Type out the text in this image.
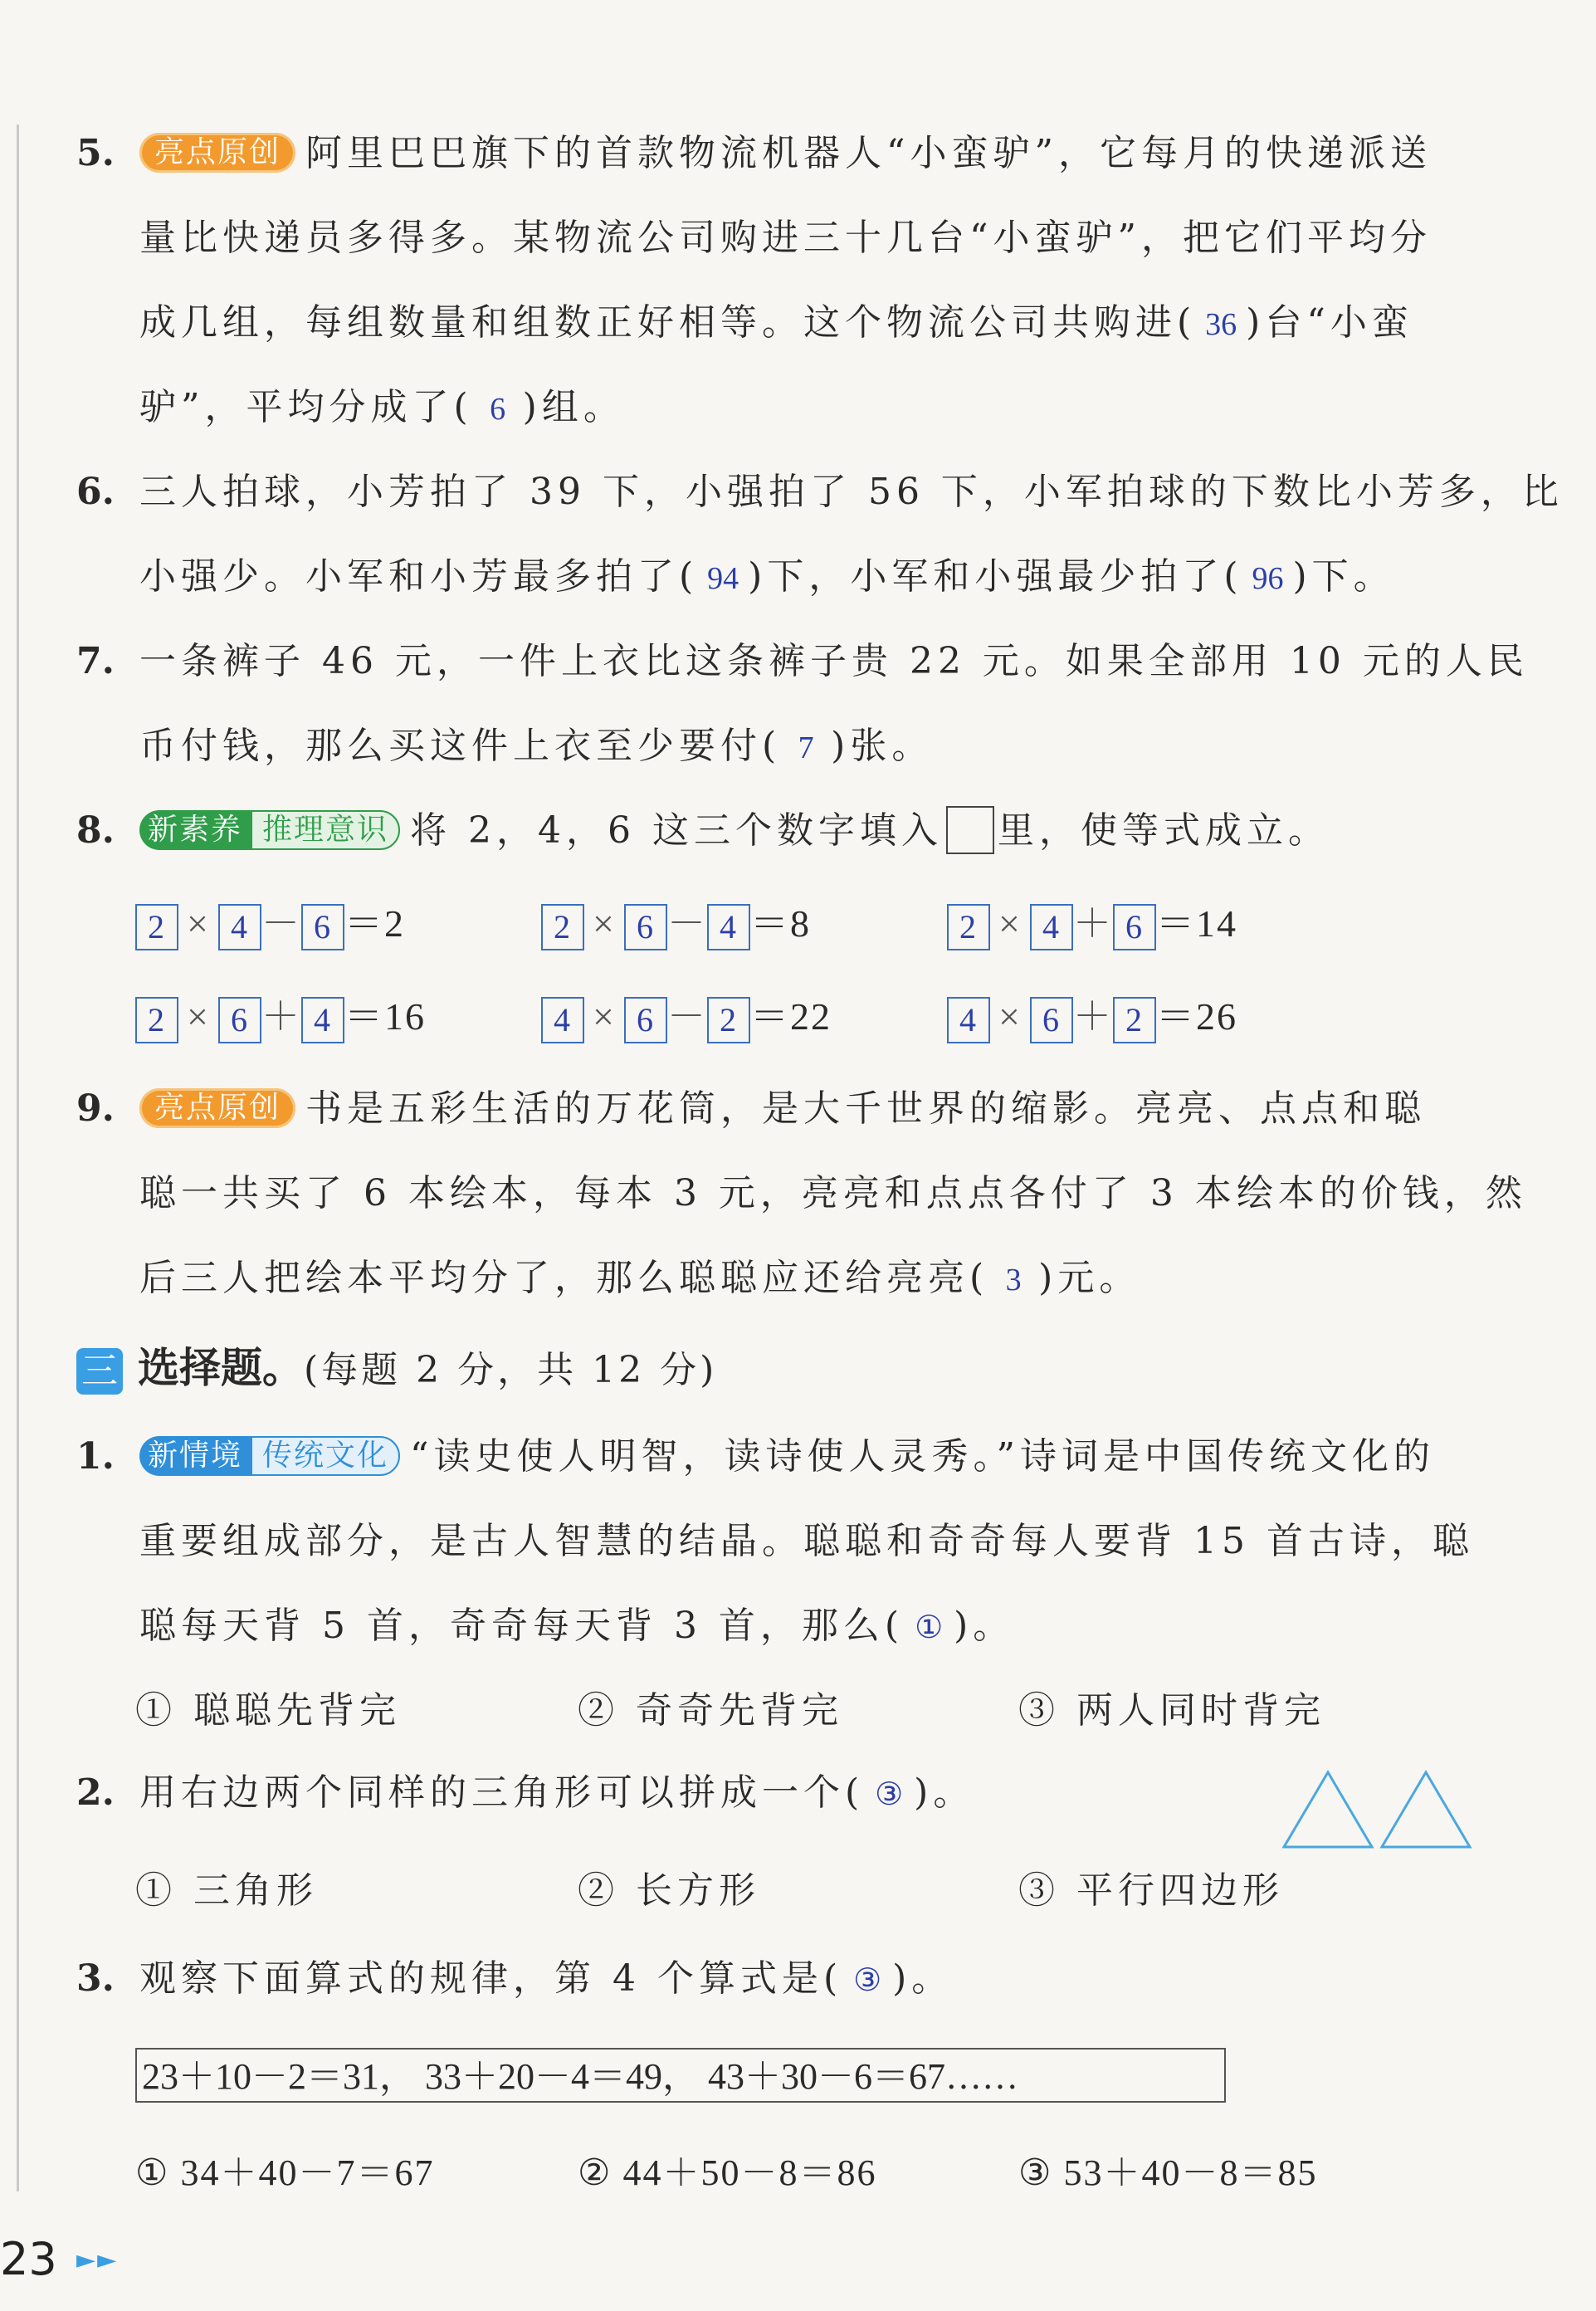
5. 亮点原创 阿里巴巴旗下的首款物流机器人“小蛮驴”，它每月的快递派送
量比快递员多得多。某物流公司购进三十几台“小蛮驴”，把它们平均分
成几组，每组数量和组数正好相等。这个物流公司共购进( 36 )台“小蛮
驴”，平均分成了( 6 )组。
6. 三人拍球，小芳拍了 39 下，小强拍了 56 下，小军拍球的下数比小芳多，比
小强少。小军和小芳最多拍了( 94 )下，小军和小强最少拍了( 96 )下。
7. 一条裤子 46 元，一件上衣比这条裤子贵 22 元。如果全部用 10 元的人民
币付钱，那么买这件上衣至少要付( 7 )张。
8. 新素养 推理意识 将 2，4，6 这三个数字填入 里，使等式成立。
2 × 4 － 6 ＝2	2 × 6 － 4 ＝8	2 × 4 ＋ 6 ＝14
2 × 6 ＋ 4 ＝16	4 × 6 － 2 ＝22	4 × 6 ＋ 2 ＝26
9. 亮点原创 书是五彩生活的万花筒，是大千世界的缩影。亮亮、点点和聪
聪一共买了 6 本绘本，每本 3 元，亮亮和点点各付了 3 本绘本的价钱，然
后三人把绘本平均分了，那么聪聪应还给亮亮( 3 )元。
三 选择题。(每题 2 分，共 12 分)
1. 新情境 传统文化 “读史使人明智，读诗使人灵秀。”诗词是中国传统文化的
重要组成部分，是古人智慧的结晶。聪聪和奇奇每人要背 15 首古诗，聪
聪每天背 5 首，奇奇每天背 3 首，那么( ① )。
① 聪聪先背完	② 奇奇先背完	③ 两人同时背完
2. 用右边两个同样的三角形可以拼成一个( ③ )。
① 三角形	② 长方形	③ 平行四边形
3. 观察下面算式的规律，第 4 个算式是( ③ )。
23＋10－2＝31， 33＋20－4＝49， 43＋30－6＝67……
① 34＋40－7＝67	② 44＋50－8＝86	③ 53＋40－8＝85
23 ►►
